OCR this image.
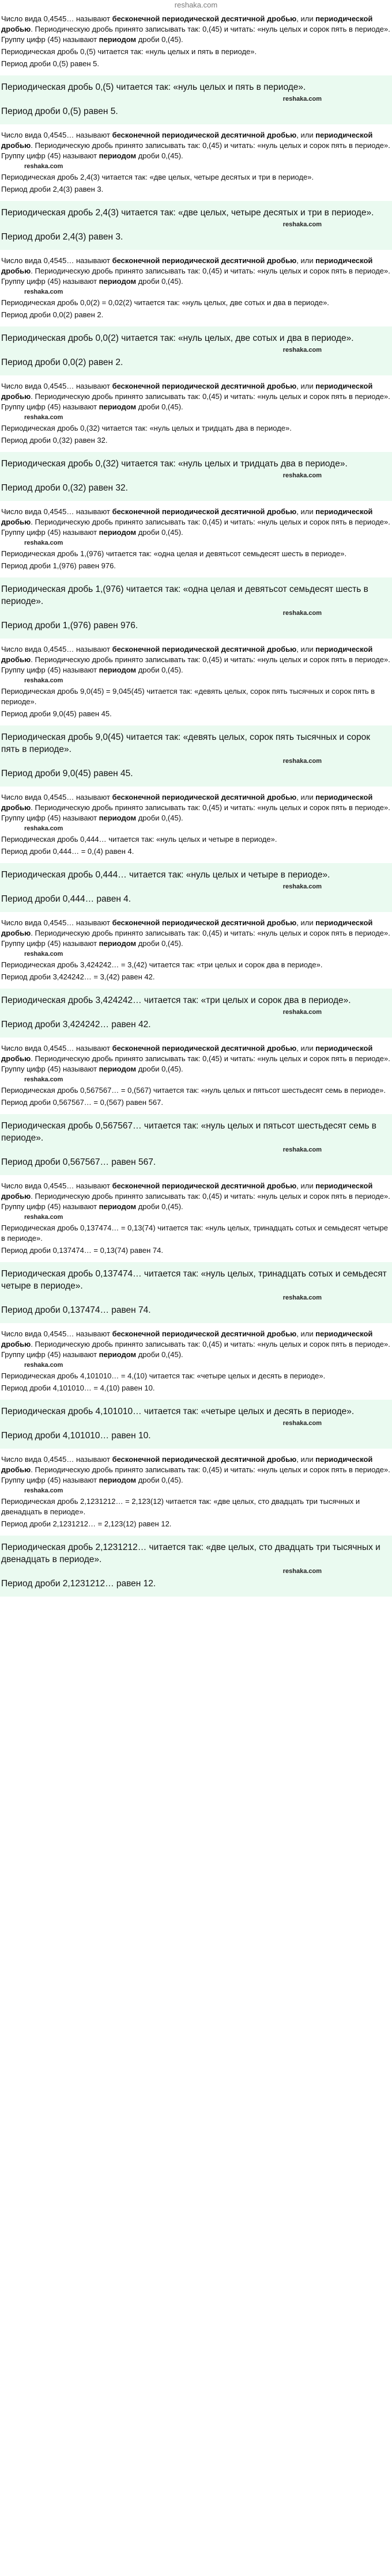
reshaka.com
Число вида 0,4545… называют бесконечной периодической десятичной дробью, или периодической дробью. Периодическую дробь принято записывать так: 0,(45) и читать: «нуль целых и сорок пять в периоде». Группу цифр (45) называют периодом дроби 0,(45).
Периодическая дробь 0,(5) читается так: «нуль целых и пять в периоде».
Период дроби 0,(5) равен 5.
Периодическая дробь 0,(5) читается так: «нуль целых и пять в периоде».
reshaka.com
Период дроби 0,(5) равен 5.
Число вида 0,4545… называют бесконечной периодической десятичной дробью, или периодической дробью. Периодическую дробь принято записывать так: 0,(45) и читать: «нуль целых и сорок пять в периоде». Группу цифр (45) называют периодом дроби 0,(45).
reshaka.com
Периодическая дробь 2,4(3) читается так: «две целых, четыре десятых и три в периоде».
Период дроби 2,4(3) равен 3.
Периодическая дробь 2,4(3) читается так: «две целых, четыре десятых и три в периоде».
reshaka.com
Период дроби 2,4(3) равен 3.
Число вида 0,4545… называют бесконечной периодической десятичной дробью, или периодической дробью. Периодическую дробь принято записывать так: 0,(45) и читать: «нуль целых и сорок пять в периоде». Группу цифр (45) называют периодом дроби 0,(45).
reshaka.com
Периодическая дробь 0,0(2) = 0,02(2) читается так: «нуль целых, две сотых и два в периоде».
Период дроби 0,0(2) равен 2.
Периодическая дробь 0,0(2) читается так: «нуль целых, две сотых и два в периоде».
reshaka.com
Период дроби 0,0(2) равен 2.
Число вида 0,4545… называют бесконечной периодической десятичной дробью, или периодической дробью. Периодическую дробь принято записывать так: 0,(45) и читать: «нуль целых и сорок пять в периоде». Группу цифр (45) называют периодом дроби 0,(45).
reshaka.com
Периодическая дробь 0,(32) читается так: «нуль целых и тридцать два в периоде».
Период дроби 0,(32) равен 32.
Периодическая дробь 0,(32) читается так: «нуль целых и тридцать два в периоде».
reshaka.com
Период дроби 0,(32) равен 32.
Число вида 0,4545… называют бесконечной периодической десятичной дробью, или периодической дробью. Периодическую дробь принято записывать так: 0,(45) и читать: «нуль целых и сорок пять в периоде». Группу цифр (45) называют периодом дроби 0,(45).
reshaka.com
Периодическая дробь 1,(976) читается так: «одна целая и девятьсот семьдесят шесть в периоде».
Период дроби 1,(976) равен 976.
Периодическая дробь 1,(976) читается так: «одна целая и девятьсот семьдесят шесть в периоде».
reshaka.com
Период дроби 1,(976) равен 976.
Число вида 0,4545… называют бесконечной периодической десятичной дробью, или периодической дробью. Периодическую дробь принято записывать так: 0,(45) и читать: «нуль целых и сорок пять в периоде». Группу цифр (45) называют периодом дроби 0,(45).
reshaka.com
Периодическая дробь 9,0(45) = 9,045(45) читается так: «девять целых, сорок пять тысячных и сорок пять в периоде».
Период дроби 9,0(45) равен 45.
Периодическая дробь 9,0(45) читается так: «девять целых, сорок пять тысячных и сорок пять в периоде».
reshaka.com
Период дроби 9,0(45) равен 45.
Число вида 0,4545… называют бесконечной периодической десятичной дробью, или периодической дробью. Периодическую дробь принято записывать так: 0,(45) и читать: «нуль целых и сорок пять в периоде». Группу цифр (45) называют периодом дроби 0,(45).
reshaka.com
Периодическая дробь 0,444… читается так: «нуль целых и четыре в периоде».
Период дроби 0,444… = 0,(4) равен 4.
Периодическая дробь 0,444… читается так: «нуль целых и четыре в периоде».
reshaka.com
Период дроби 0,444… равен 4.
Число вида 0,4545… называют бесконечной периодической десятичной дробью, или периодической дробью. Периодическую дробь принято записывать так: 0,(45) и читать: «нуль целых и сорок пять в периоде». Группу цифр (45) называют периодом дроби 0,(45).
reshaka.com
Периодическая дробь 3,424242… = 3,(42) читается так: «три целых и сорок два в периоде».
Период дроби 3,424242… = 3,(42) равен 42.
Периодическая дробь 3,424242… читается так: «три целых и сорок два в периоде».
reshaka.com
Период дроби 3,424242… равен 42.
Число вида 0,4545… называют бесконечной периодической десятичной дробью, или периодической дробью. Периодическую дробь принято записывать так: 0,(45) и читать: «нуль целых и сорок пять в периоде». Группу цифр (45) называют периодом дроби 0,(45).
reshaka.com
Периодическая дробь 0,567567… = 0,(567) читается так: «нуль целых и пятьсот шестьдесят семь в периоде».
Период дроби 0,567567… = 0,(567) равен 567.
Периодическая дробь 0,567567… читается так: «нуль целых и пятьсот шестьдесят семь в периоде».
reshaka.com
Период дроби 0,567567… равен 567.
Число вида 0,4545… называют бесконечной периодической десятичной дробью, или периодической дробью. Периодическую дробь принято записывать так: 0,(45) и читать: «нуль целых и сорок пять в периоде». Группу цифр (45) называют периодом дроби 0,(45).
reshaka.com
Периодическая дробь 0,137474… = 0,13(74) читается так: «нуль целых, тринадцать сотых и семьдесят четыре в периоде».
Период дроби 0,137474… = 0,13(74) равен 74.
Периодическая дробь 0,137474… читается так: «нуль целых, тринадцать сотых и семьдесят четыре в периоде».
reshaka.com
Период дроби 0,137474… равен 74.
Число вида 0,4545… называют бесконечной периодической десятичной дробью, или периодической дробью. Периодическую дробь принято записывать так: 0,(45) и читать: «нуль целых и сорок пять в периоде». Группу цифр (45) называют периодом дроби 0,(45).
reshaka.com
Периодическая дробь 4,101010… = 4,(10) читается так: «четыре целых и десять в периоде».
Период дроби 4,101010… = 4,(10) равен 10.
Периодическая дробь 4,101010… читается так: «четыре целых и десять в периоде».
reshaka.com
Период дроби 4,101010… равен 10.
Число вида 0,4545… называют бесконечной периодической десятичной дробью, или периодической дробью. Периодическую дробь принято записывать так: 0,(45) и читать: «нуль целых и сорок пять в периоде». Группу цифр (45) называют периодом дроби 0,(45).
reshaka.com
Периодическая дробь 2,1231212… = 2,123(12) читается так: «две целых, сто двадцать три тысячных и двенадцать в периоде».
Период дроби 2,1231212… = 2,123(12) равен 12.
Периодическая дробь 2,1231212… читается так: «две целых, сто двадцать три тысячных и двенадцать в периоде».
reshaka.com
Период дроби 2,1231212… равен 12.
